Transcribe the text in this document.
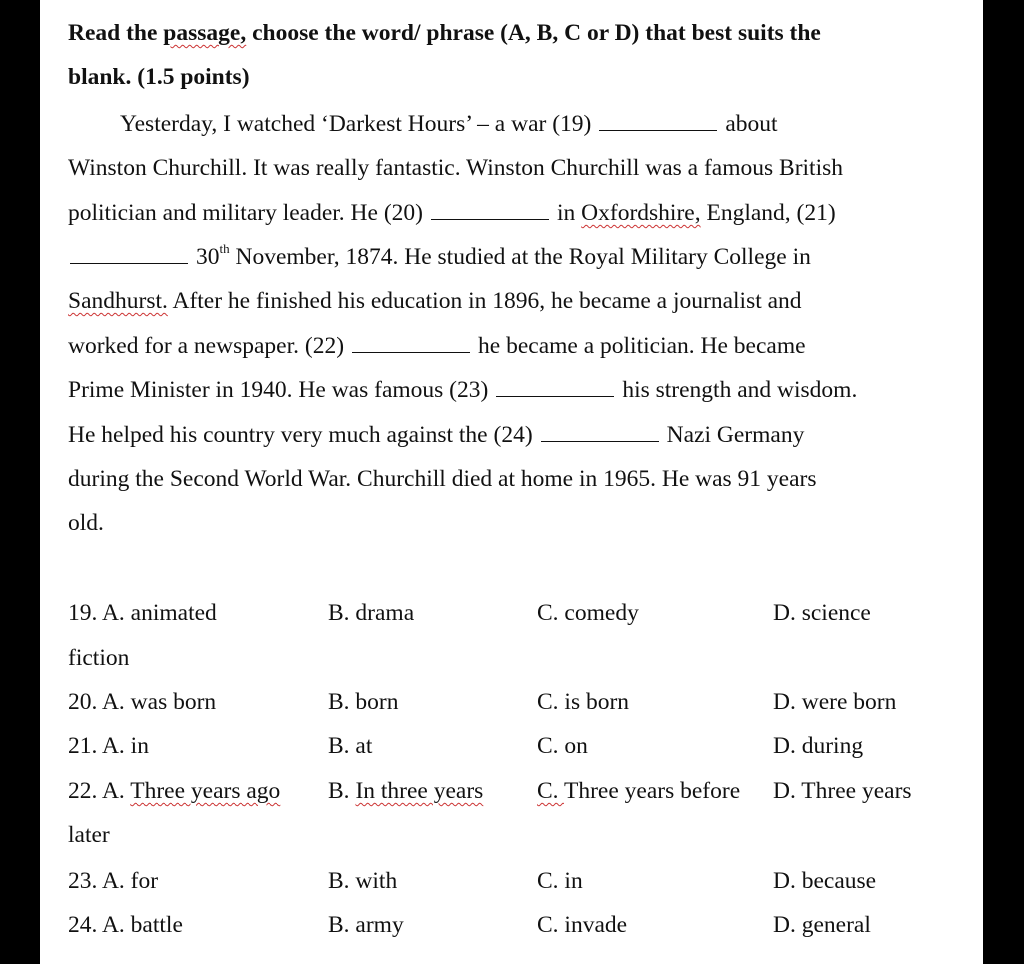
Read the passage, choose the word/ phrase (A, B, C or D) that best suits the
blank. (1.5 points)
Yesterday, I watched ‘Darkest Hours’ – a war (19)	about
Winston Churchill. It was really fantastic. Winston Churchill was a famous British
politician and military leader. He (20)	in Oxfordshire, England, (21)
30th November, 1874. He studied at the Royal Military College in
Sandhurst. After he finished his education in 1896, he became a journalist and
worked for a newspaper. (22)	he became a politician. He became
Prime Minister in 1940. He was famous (23)	his strength and wisdom.
He helped his country very much against the (24)	Nazi Germany
during the Second World War. Churchill died at home in 1965. He was 91 years
old.
19. A. animated	B. drama	C. comedy	D. science
fiction
20. A. was born	B. born	C. is born	D. were born
21. A. in	B. at	C. on	D. during
22. A. Three years ago B. In three years C. Three years before D. Three years
later
23. A. for	B. with	C. in	D. because
24. A. battle	B. army	C. invade	D. general
